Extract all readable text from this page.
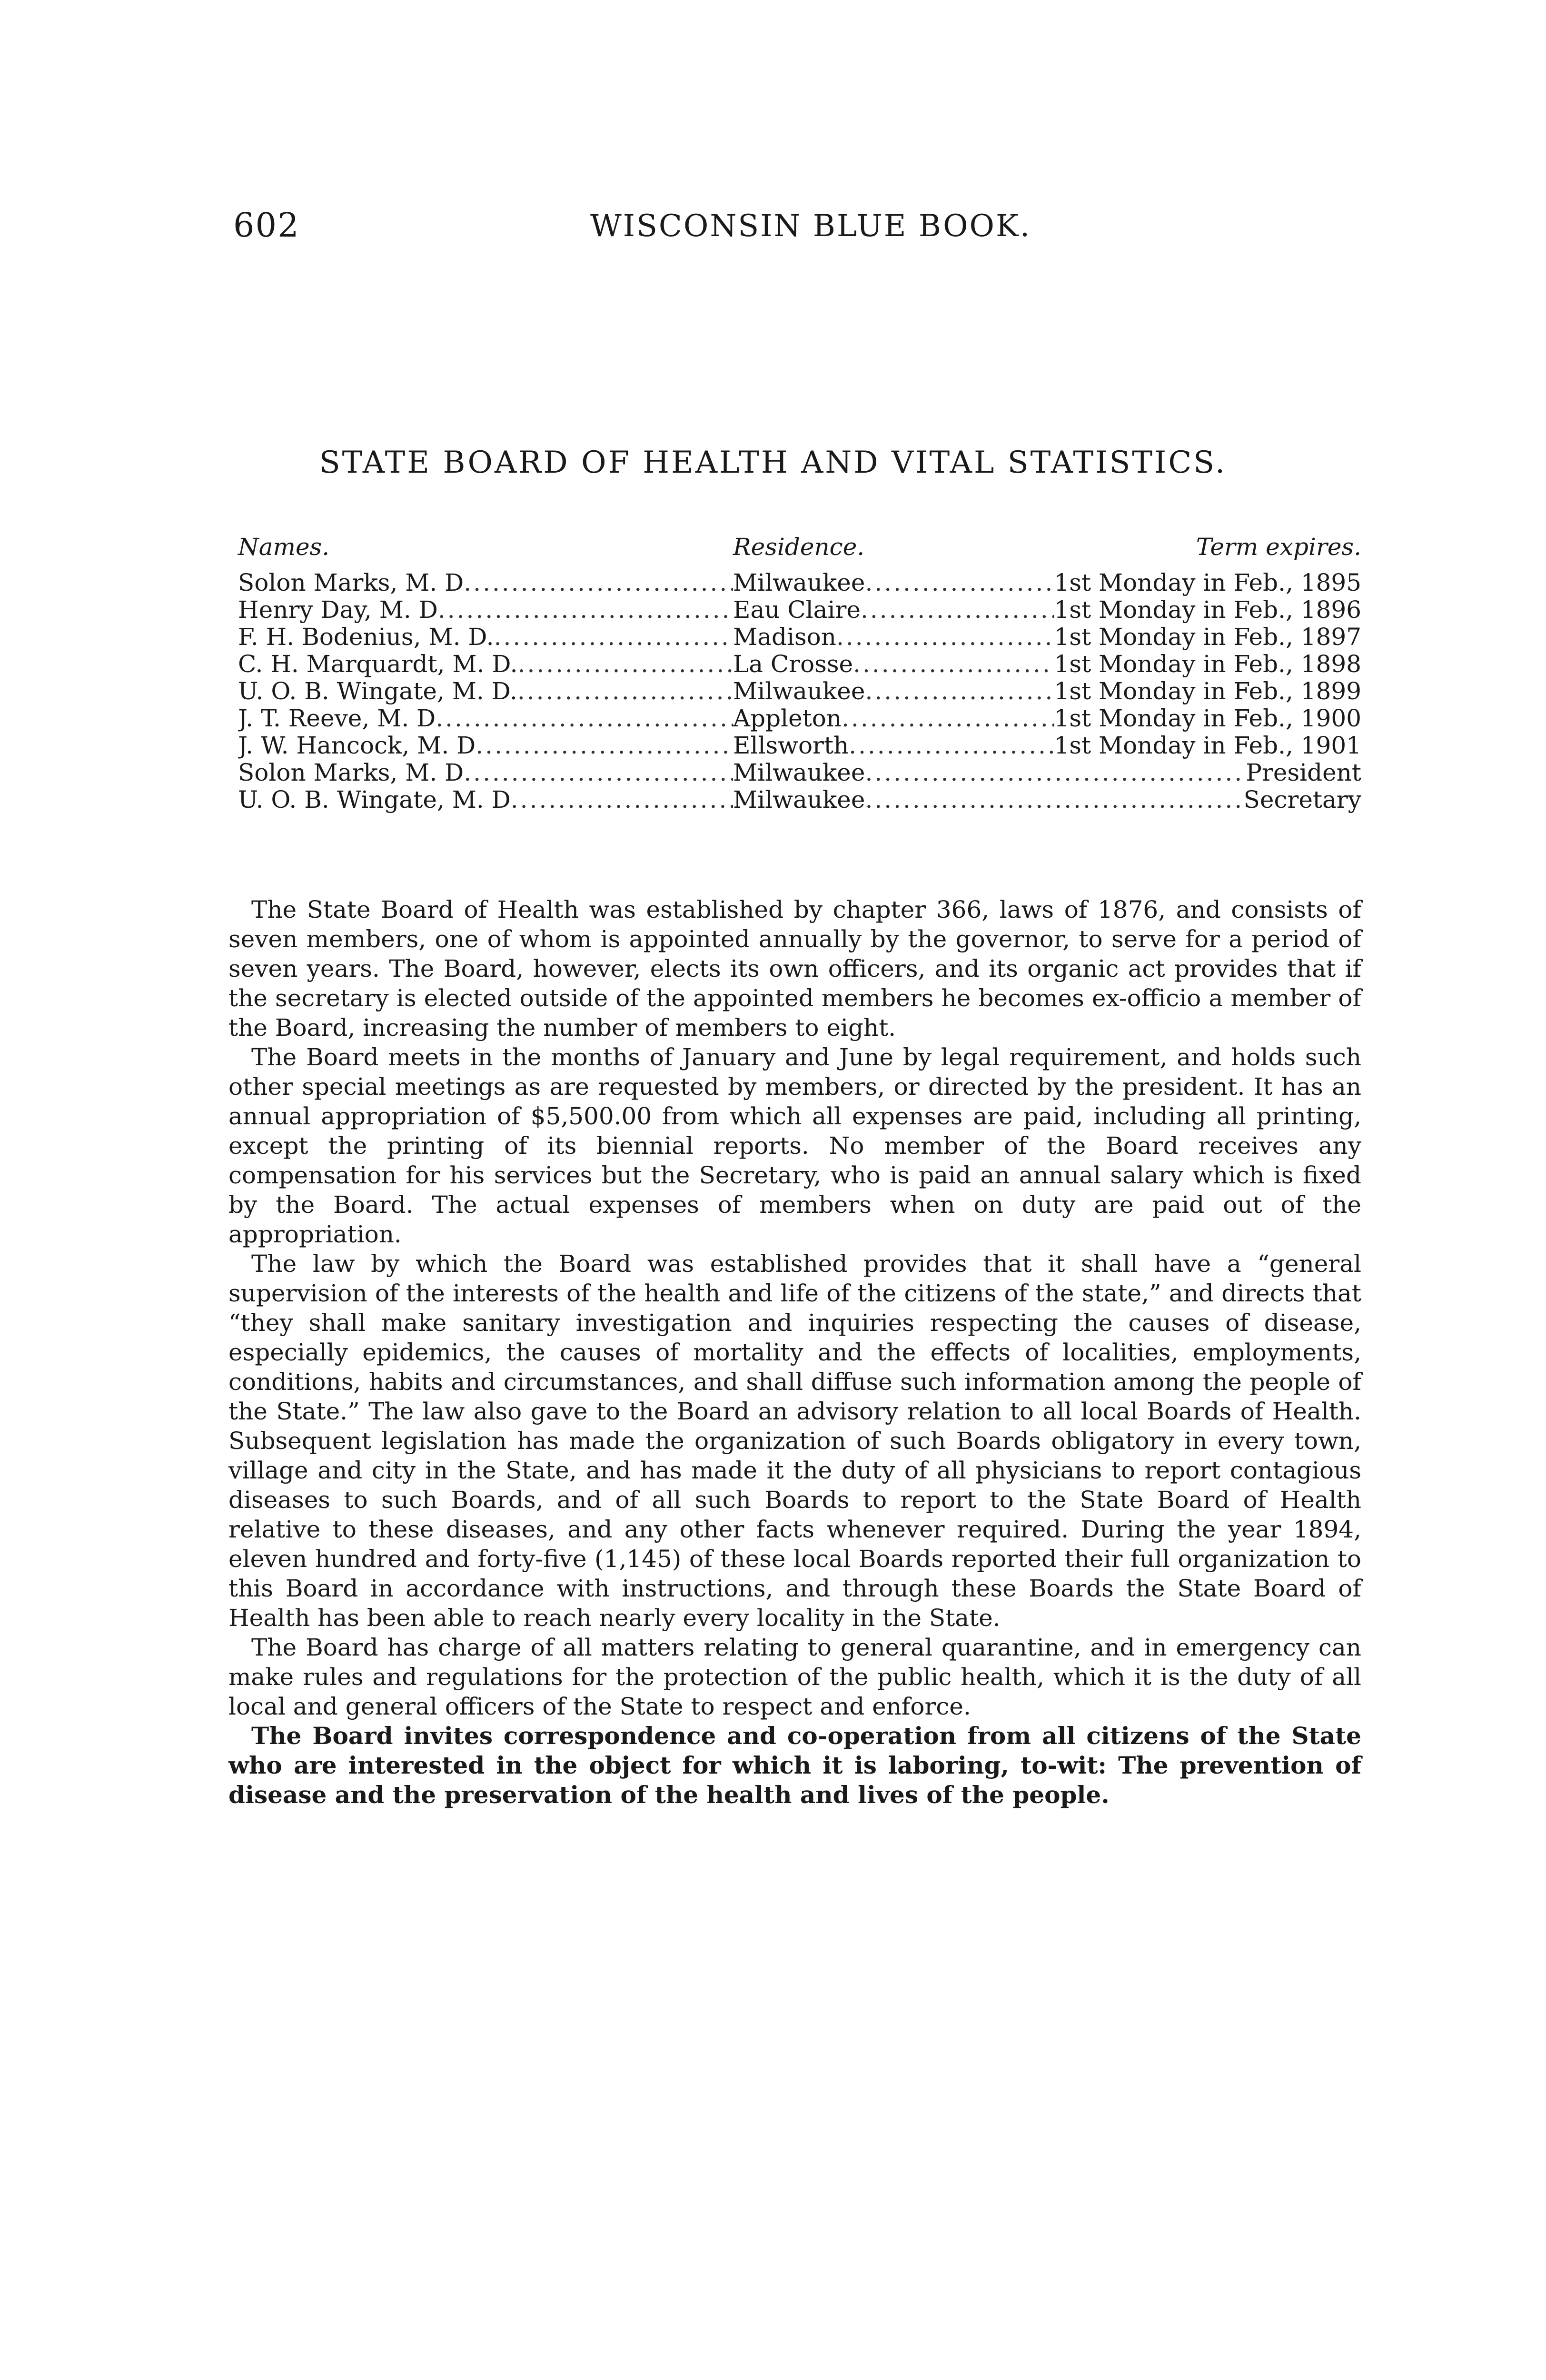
602	WISCONSIN BLUE BOOK.
STATE BOARD OF HEALTH AND VITAL STATISTICS.
Names.	Residence.	Term expires.
Solon Marks, M. D .....	Milwaukee .....	1st Monday in Feb., 1895
Henry Day, M. D .....	Eau Claire .....	1st Monday in Feb., 1896
F. H. Bodenius, M. D. .....	Madison .....	1st Monday in Feb., 1897
C. H. Marquardt, M. D. .....	La Crosse .....	1st Monday in Feb., 1898
U. O. B. Wingate, M. D. .....	Milwaukee .....	1st Monday in Feb., 1899
J. T. Reeve, M. D .....	Appleton .....	1st Monday in Feb., 1900
J. W. Hancock, M. D .....	Ellsworth .....	1st Monday in Feb., 1901
Solon Marks, M. D .....	Milwaukee .....	President
U. O. B. Wingate, M. D .....	Milwaukee .....	Secretary

The State Board of Health was established by chapter 366, laws of 1876, and consists of seven members, one of whom is appointed annually by the governor, to serve for a period of seven years. The Board, however, elects its own officers, and its organic act provides that if the secretary is elected outside of the appointed members he becomes ex-officio a member of the Board, increasing the number of members to eight.

The Board meets in the months of January and June by legal requirement, and holds such other special meetings as are requested by members, or directed by the president. It has an annual appropriation of $5,500.00 from which all expenses are paid, including all printing, except the printing of its biennial reports. No member of the Board receives any compensation for his services but the Secretary, who is paid an annual salary which is fixed by the Board. The actual expenses of members when on duty are paid out of the appropriation.

The law by which the Board was established provides that it shall have a “general supervision of the interests of the health and life of the citizens of the state,” and directs that “they shall make sanitary investigation and inquiries respecting the causes of disease, especially epidemics, the causes of mortality and the effects of localities, employments, conditions, habits and circumstances, and shall diffuse such information among the people of the State.” The law also gave to the Board an advisory relation to all local Boards of Health. Subsequent legislation has made the organization of such Boards obligatory in every town, village and city in the State, and has made it the duty of all physicians to report contagious diseases to such Boards, and of all such Boards to report to the State Board of Health relative to these diseases, and any other facts whenever required. During the year 1894, eleven hundred and forty-five (1,145) of these local Boards reported their full organization to this Board in accordance with instructions, and through these Boards the State Board of Health has been able to reach nearly every locality in the State.

The Board has charge of all matters relating to general quarantine, and in emergency can make rules and regulations for the protection of the public health, which it is the duty of all local and general officers of the State to respect and enforce.

The Board invites correspondence and co-operation from all citizens of the State who are interested in the object for which it is laboring, to-wit: The prevention of disease and the preservation of the health and lives of the people.
